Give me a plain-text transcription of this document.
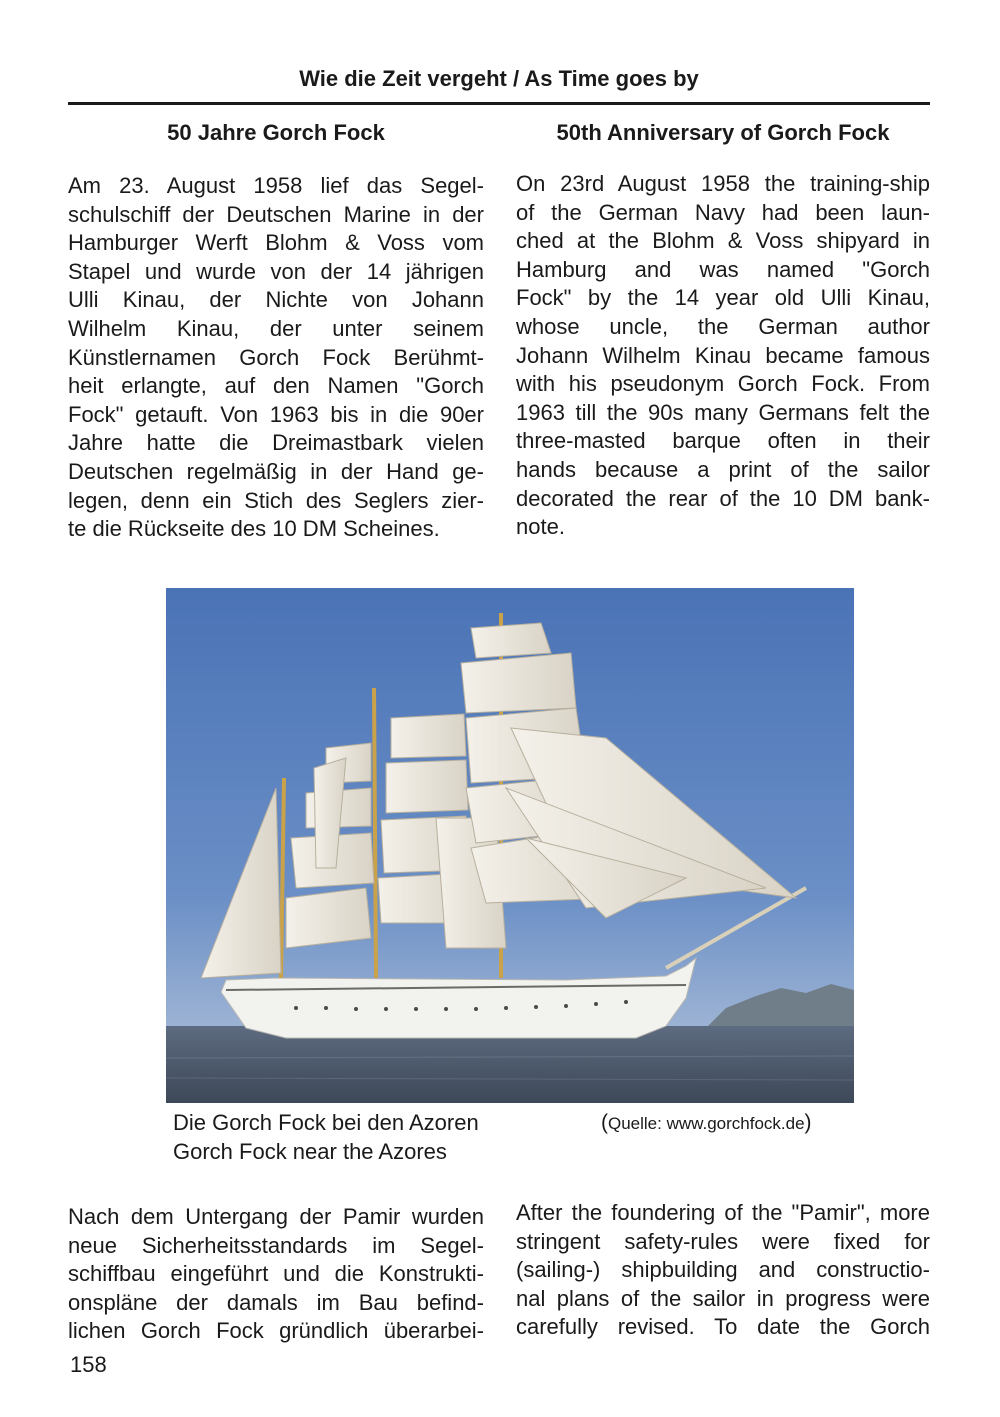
Wie die Zeit vergeht / As Time goes by
50 Jahre Gorch Fock	50th Anniversary of Gorch Fock
Am 23. August 1958 lief das Segel-
schulschiff der Deutschen Marine in der
Hamburger Werft Blohm & Voss vom
Stapel und wurde von der 14 jährigen
Ulli Kinau, der Nichte von Johann
Wilhelm Kinau, der unter seinem
Künstlernamen Gorch Fock Berühmt-
heit erlangte, auf den Namen "Gorch
Fock" getauft. Von 1963 bis in die 90er
Jahre hatte die Dreimastbark vielen
Deutschen regelmäßig in der Hand ge-
legen, denn ein Stich des Seglers zier-
te die Rückseite des 10 DM Scheines.
On 23rd August 1958 the training-ship
of the German Navy had been laun-
ched at the Blohm & Voss shipyard in
Hamburg and was named "Gorch
Fock" by the 14 year old Ulli Kinau,
whose uncle, the German author
Johann Wilhelm Kinau became famous
with his pseudonym Gorch Fock. From
1963 till the 90s many Germans felt the
three-masted barque often in their
hands because a print of the sailor
decorated the rear of the 10 DM bank-
note.
Die Gorch Fock bei den Azoren
Gorch Fock near the Azores
(Quelle: www.gorchfock.de)
Nach dem Untergang der Pamir wurden
neue Sicherheitsstandards im Segel-
schiffbau eingeführt und die Konstrukti-
onspläne der damals im Bau befind-
lichen Gorch Fock gründlich überarbei-
After the foundering of the "Pamir", more
stringent safety-rules were fixed for
(sailing-) shipbuilding and constructio-
nal plans of the sailor in progress were
carefully revised. To date the Gorch
158
